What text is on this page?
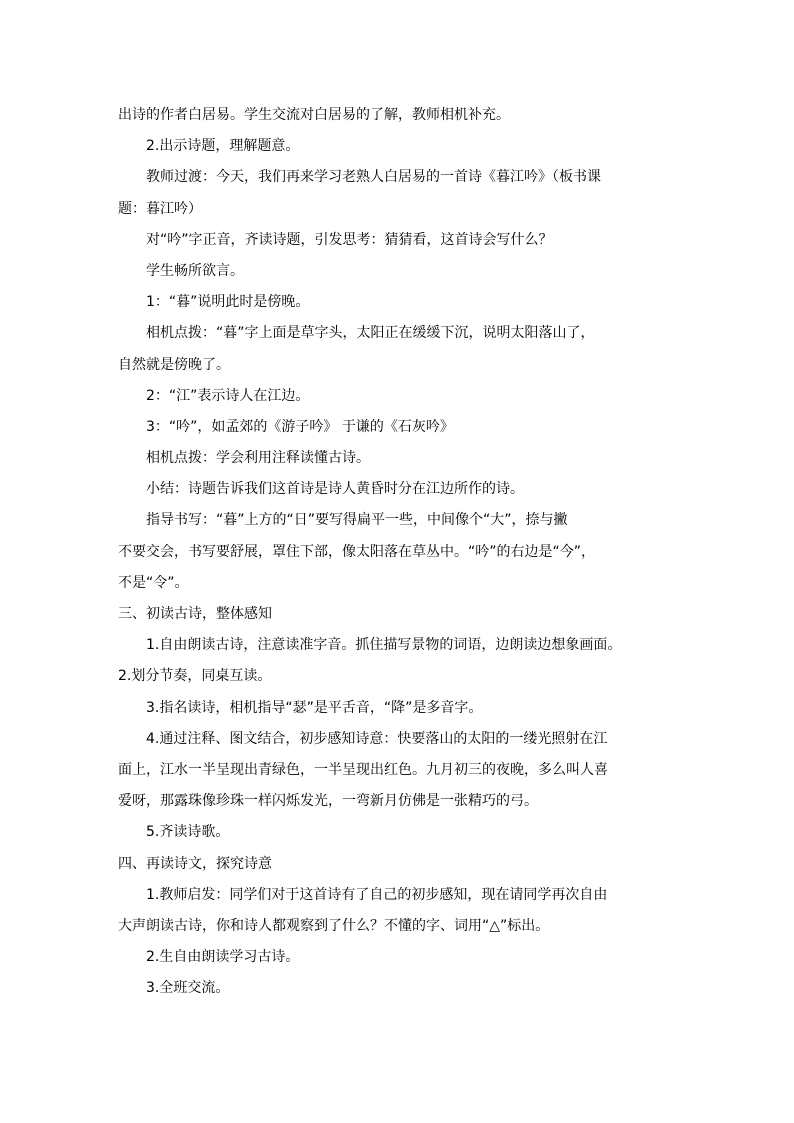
出诗的作者白居易。学生交流对白居易的了解，教师相机补充。
2.出示诗题，理解题意。
教师过渡：今天，我们再来学习老熟人白居易的一首诗《暮江吟》（板书课
题：暮江吟）
对“吟”字正音，齐读诗题，引发思考：猜猜看，这首诗会写什么？
学生畅所欲言。
1：“暮”说明此时是傍晚。
相机点拨：“暮”字上面是草字头，太阳正在缓缓下沉，说明太阳落山了，
自然就是傍晚了。
2：“江”表示诗人在江边。
3：“吟”，如孟郊的《游子吟》 于谦的《石灰吟》
相机点拨：学会利用注释读懂古诗。
小结：诗题告诉我们这首诗是诗人黄昏时分在江边所作的诗。
指导书写：“暮”上方的“日”要写得扁平一些，中间像个“大”，捺与撇
不要交会，书写要舒展，罩住下部，像太阳落在草丛中。“吟”的右边是“今”，
不是“令”。
三、初读古诗，整体感知
1.自由朗读古诗，注意读准字音。抓住描写景物的词语，边朗读边想象画面。
2.划分节奏，同桌互读。
3.指名读诗，相机指导“瑟”是平舌音，“降”是多音字。
4.通过注释、图文结合，初步感知诗意：快要落山的太阳的一缕光照射在江
面上，江水一半呈现出青绿色，一半呈现出红色。九月初三的夜晚，多么叫人喜
爱呀，那露珠像珍珠一样闪烁发光，一弯新月仿佛是一张精巧的弓。
5.齐读诗歌。
四、再读诗文，探究诗意
1.教师启发：同学们对于这首诗有了自己的初步感知，现在请同学再次自由
大声朗读古诗，你和诗人都观察到了什么？不懂的字、词用“△”标出。
2.生自由朗读学习古诗。
3.全班交流。
